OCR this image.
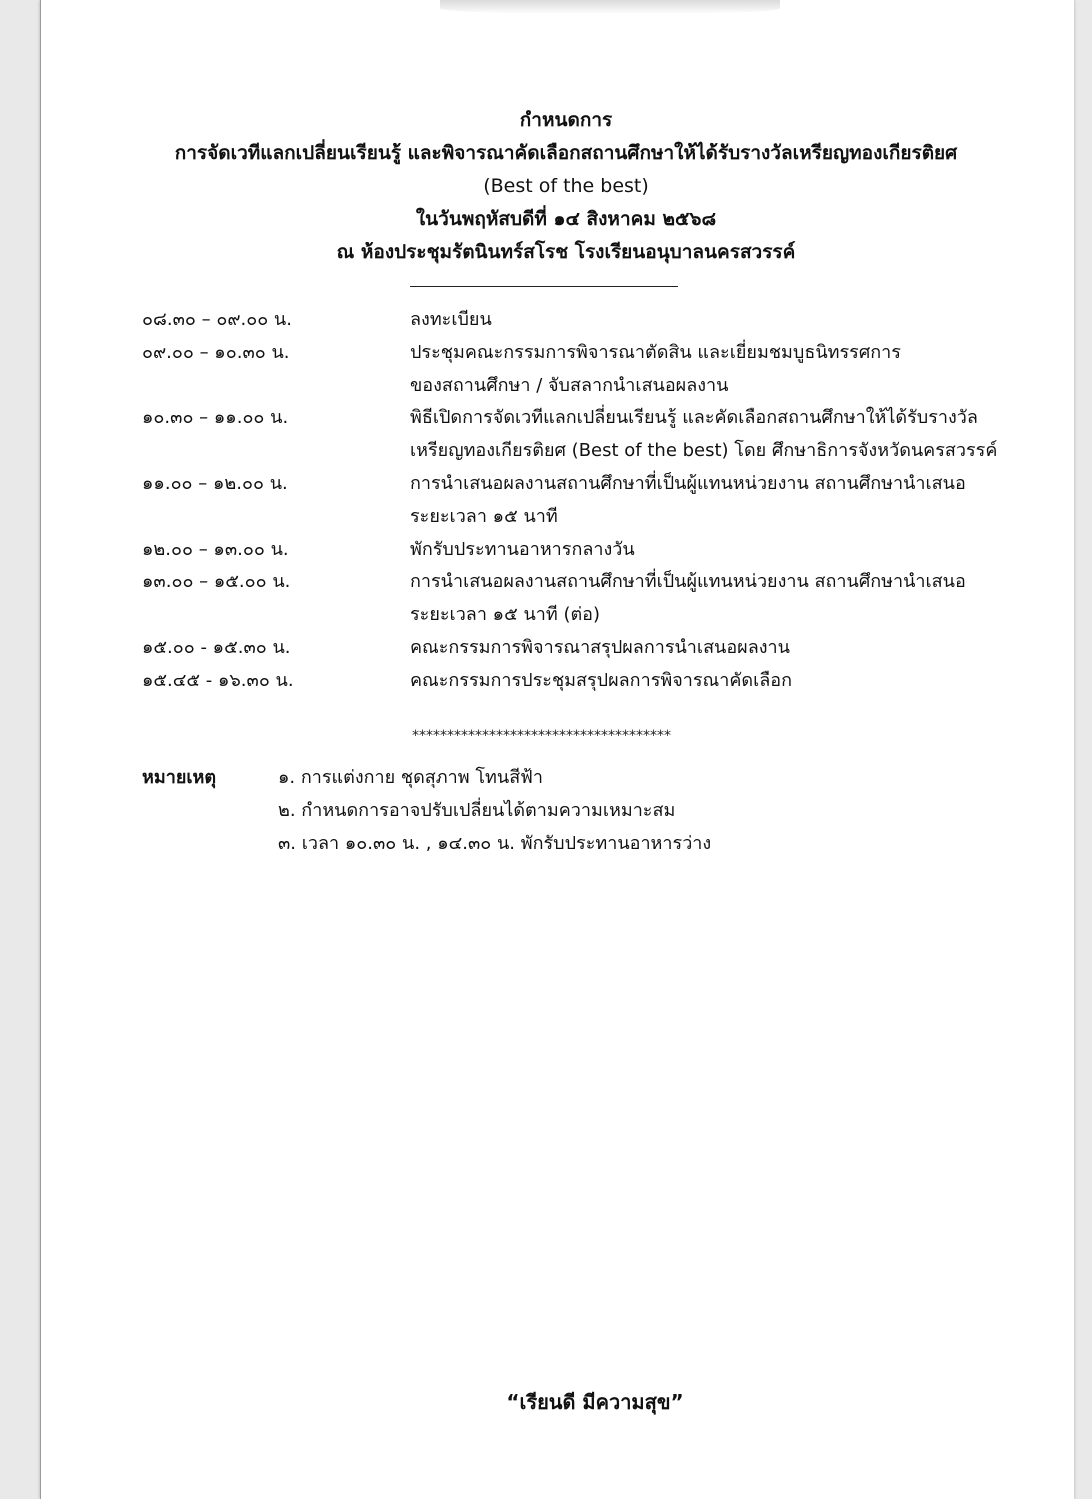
กำหนดการ
การจัดเวทีแลกเปลี่ยนเรียนรู้ และพิจารณาคัดเลือกสถานศึกษาให้ได้รับรางวัลเหรียญทองเกียรติยศ
(Best of the best)
ในวันพฤหัสบดีที่ ๑๔ สิงหาคม ๒๕๖๘
ณ ห้องประชุมรัตนินทร์สโรช โรงเรียนอนุบาลนครสวรรค์
๐๘.๓๐ – ๐๙.๐๐ น.	ลงทะเบียน
๐๙.๐๐ – ๑๐.๓๐ น.	ประชุมคณะกรรมการพิจารณาตัดสิน และเยี่ยมชมบูธนิทรรศการ
ของสถานศึกษา / จับสลากนำเสนอผลงาน
๑๐.๓๐ – ๑๑.๐๐ น.	พิธีเปิดการจัดเวทีแลกเปลี่ยนเรียนรู้ และคัดเลือกสถานศึกษาให้ได้รับรางวัล
เหรียญทองเกียรติยศ (Best of the best) โดย ศึกษาธิการจังหวัดนครสวรรค์
๑๑.๐๐ – ๑๒.๐๐ น.	การนำเสนอผลงานสถานศึกษาที่เป็นผู้แทนหน่วยงาน สถานศึกษานำเสนอ
ระยะเวลา ๑๕ นาที
๑๒.๐๐ – ๑๓.๐๐ น.	พักรับประทานอาหารกลางวัน
๑๓.๐๐ – ๑๕.๐๐ น.	การนำเสนอผลงานสถานศึกษาที่เป็นผู้แทนหน่วยงาน สถานศึกษานำเสนอ
ระยะเวลา ๑๕ นาที (ต่อ)
๑๕.๐๐ - ๑๕.๓๐ น.	คณะกรรมการพิจารณาสรุปผลการนำเสนอผลงาน
๑๕.๔๕ - ๑๖.๓๐ น.	คณะกรรมการประชุมสรุปผลการพิจารณาคัดเลือก
*************************************
หมายเหตุ	๑. การแต่งกาย ชุดสุภาพ โทนสีฟ้า
๒. กำหนดการอาจปรับเปลี่ยนได้ตามความเหมาะสม
๓. เวลา ๑๐.๓๐ น. , ๑๔.๓๐ น. พักรับประทานอาหารว่าง
“เรียนดี มีความสุข”
